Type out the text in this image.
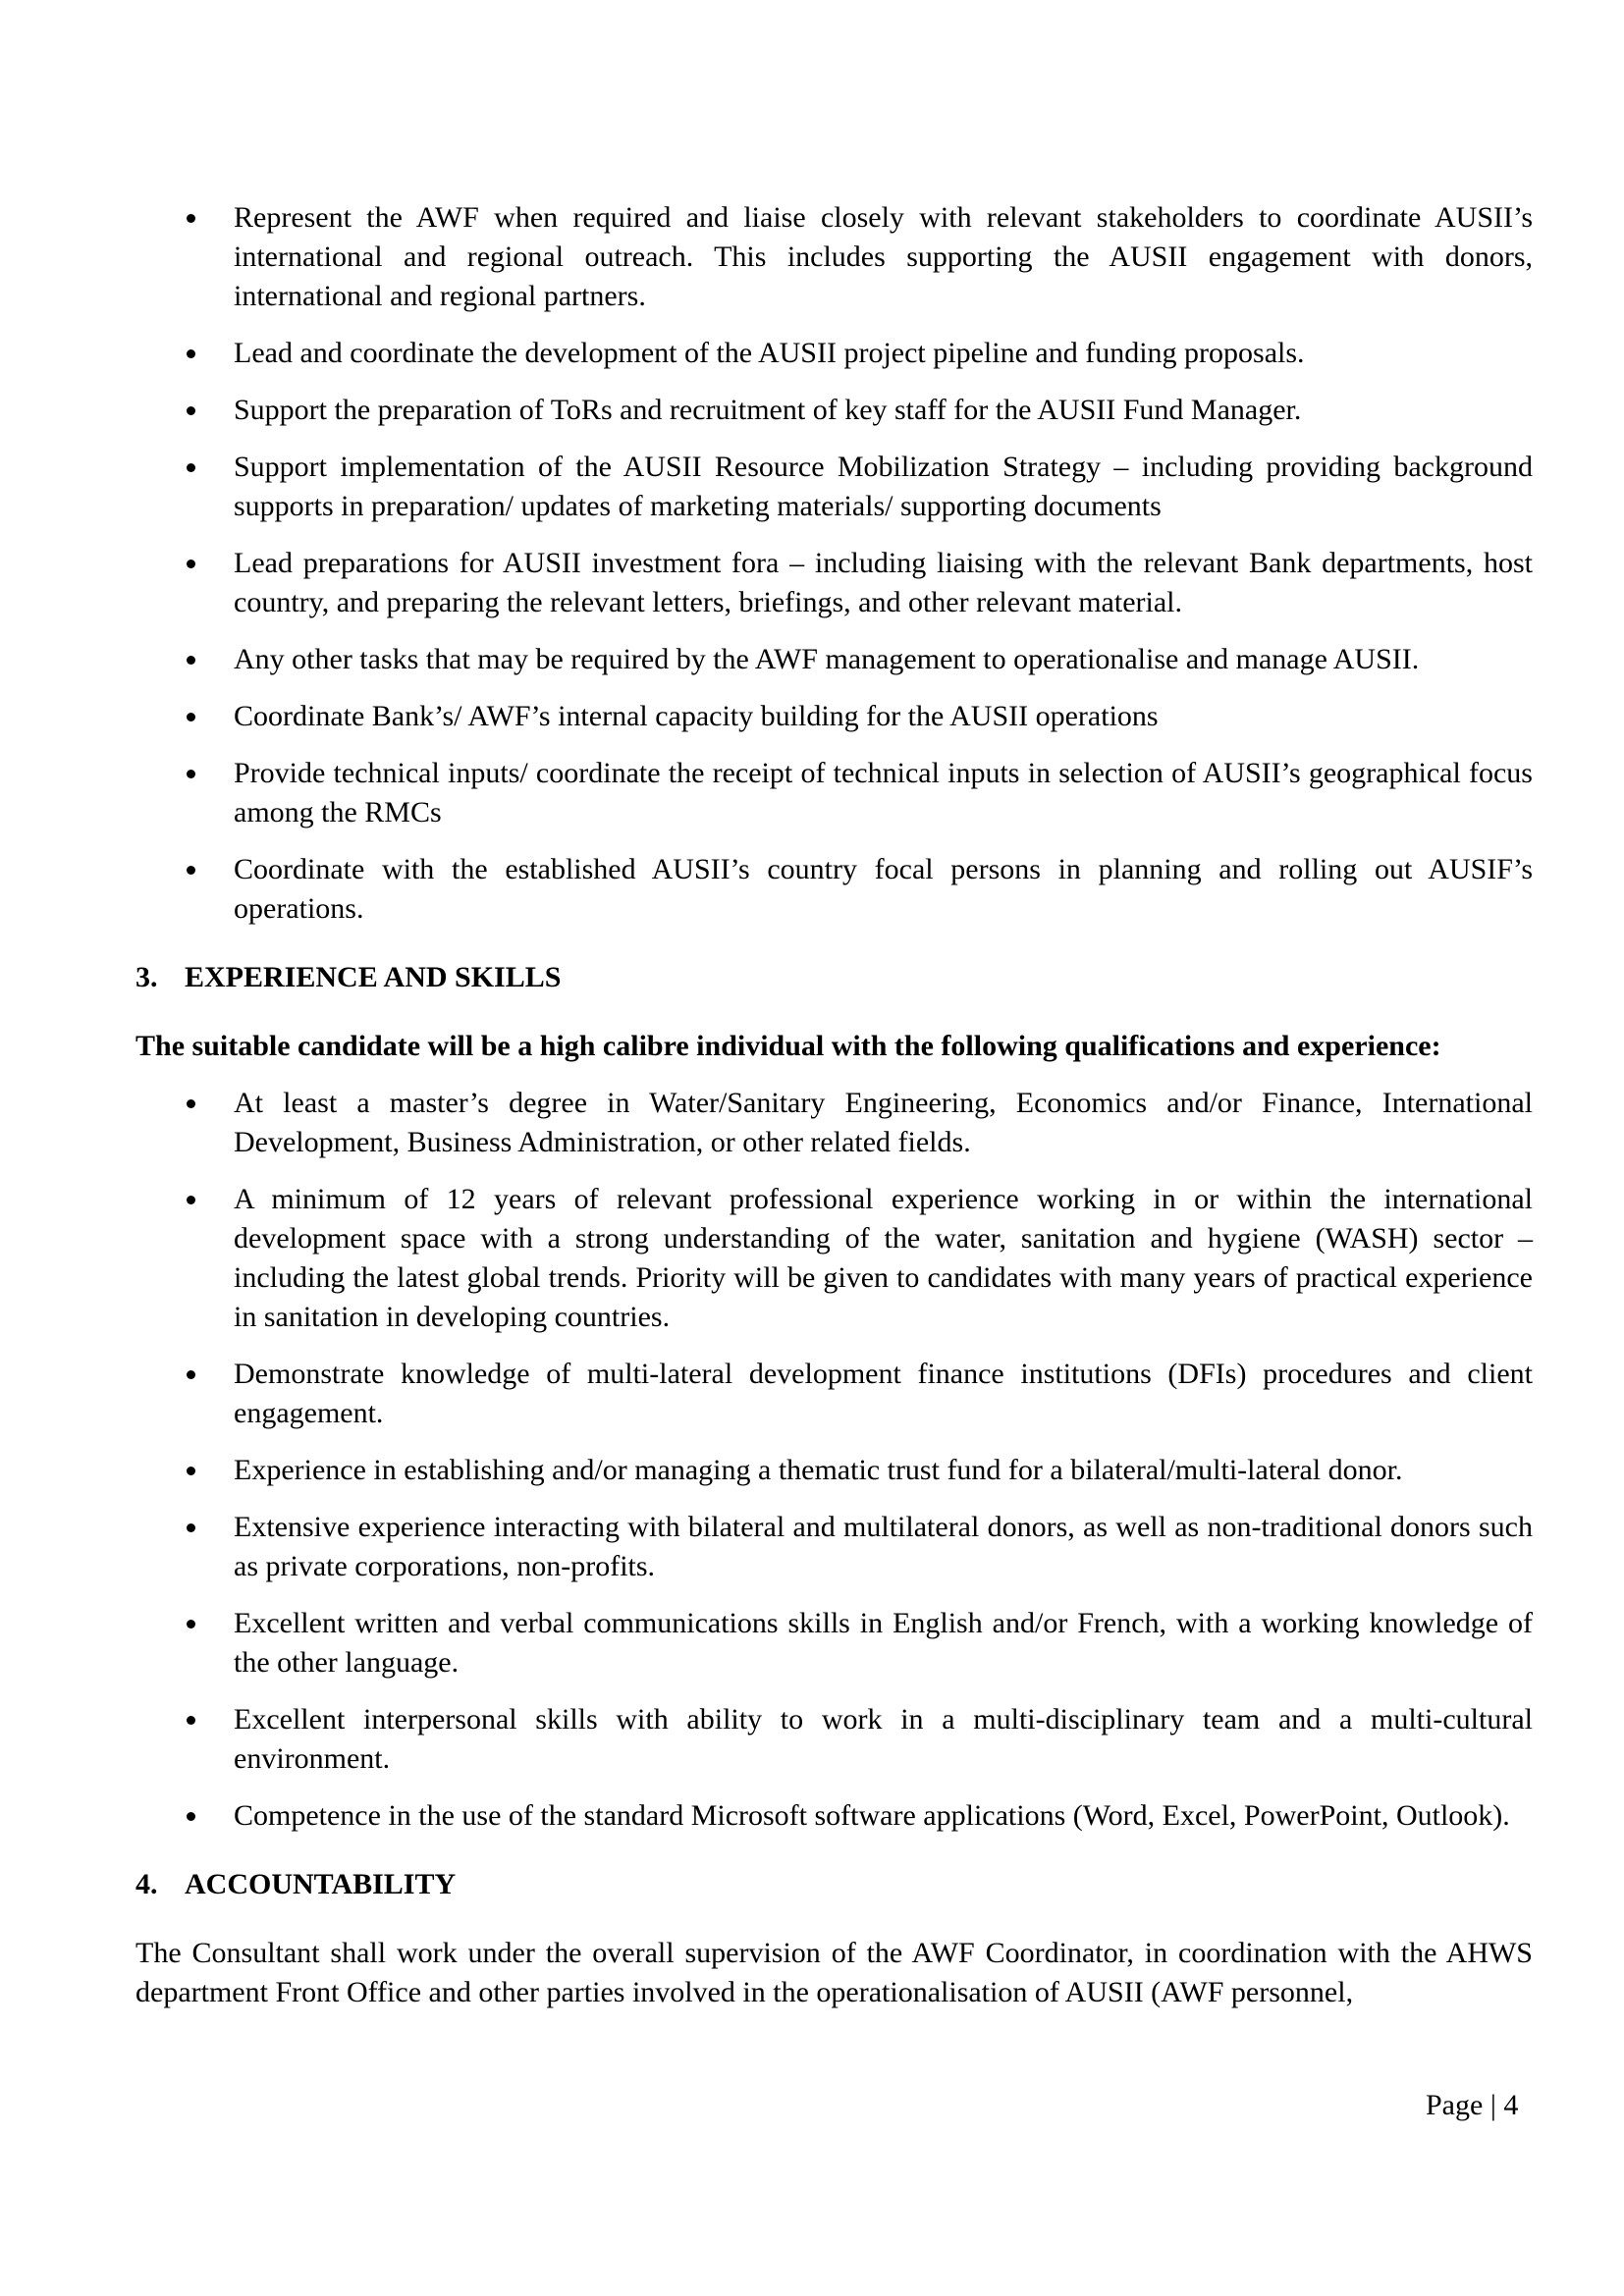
Represent the AWF when required and liaise closely with relevant stakeholders to coordinate AUSII’s international and regional outreach. This includes supporting the AUSII engagement with donors, international and regional partners.
Lead and coordinate the development of the AUSII project pipeline and funding proposals.
Support the preparation of ToRs and recruitment of key staff for the AUSII Fund Manager.
Support implementation of the AUSII Resource Mobilization Strategy – including providing background supports in preparation/ updates of marketing materials/ supporting documents
Lead preparations for AUSII investment fora – including liaising with the relevant Bank departments, host country, and preparing the relevant letters, briefings, and other relevant material.
Any other tasks that may be required by the AWF management to operationalise and manage AUSII.
Coordinate Bank’s/ AWF’s internal capacity building for the AUSII operations
Provide technical inputs/ coordinate the receipt of technical inputs in selection of AUSII’s geographical focus among the RMCs
Coordinate with the established AUSII’s country focal persons in planning and rolling out AUSIF’s operations.
3. EXPERIENCE AND SKILLS
The suitable candidate will be a high calibre individual with the following qualifications and experience:
At least a master’s degree in Water/Sanitary Engineering, Economics and/or Finance, International Development, Business Administration, or other related fields.
A minimum of 12 years of relevant professional experience working in or within the international development space with a strong understanding of the water, sanitation and hygiene (WASH) sector – including the latest global trends. Priority will be given to candidates with many years of practical experience in sanitation in developing countries.
Demonstrate knowledge of multi-lateral development finance institutions (DFIs) procedures and client engagement.
Experience in establishing and/or managing a thematic trust fund for a bilateral/multi-lateral donor.
Extensive experience interacting with bilateral and multilateral donors, as well as non-traditional donors such as private corporations, non-profits.
Excellent written and verbal communications skills in English and/or French, with a working knowledge of the other language.
Excellent interpersonal skills with ability to work in a multi-disciplinary team and a multi-cultural environment.
Competence in the use of the standard Microsoft software applications (Word, Excel, PowerPoint, Outlook).
4. ACCOUNTABILITY

The Consultant shall work under the overall supervision of the AWF Coordinator, in coordination with the AHWS department Front Office and other parties involved in the operationalisation of AUSII (AWF personnel,

Page | 4
